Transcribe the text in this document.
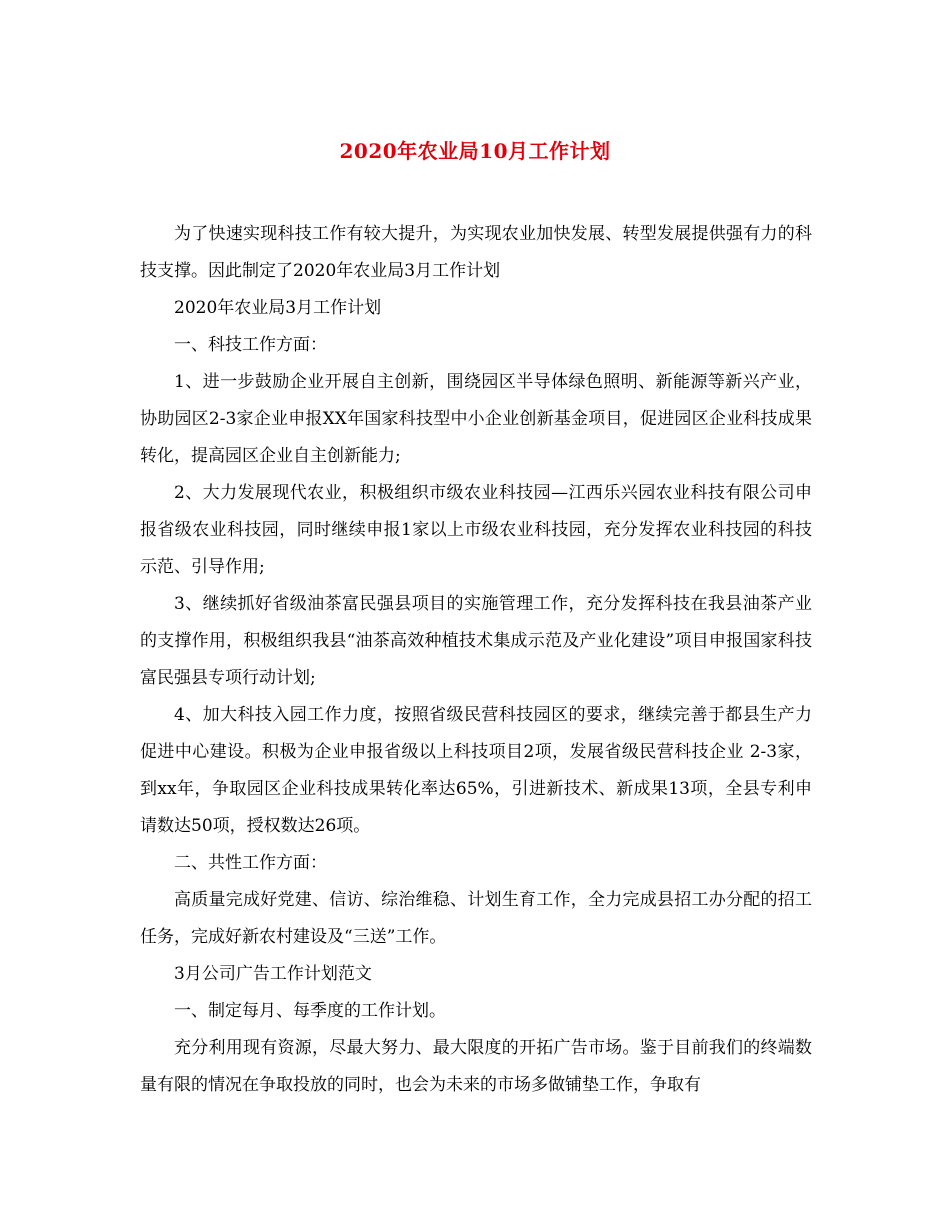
2020年农业局10月工作计划

为了快速实现科技工作有较大提升，为实现农业加快发展、转型发展提供强有力的科技支撑。因此制定了2020年农业局3月工作计划

2020年农业局3月工作计划

一、科技工作方面：

1、进一步鼓励企业开展自主创新，围绕园区半导体绿色照明、新能源等新兴产业，协助园区2-3家企业申报XX年国家科技型中小企业创新基金项目，促进园区企业科技成果转化，提高园区企业自主创新能力;

2、大力发展现代农业，积极组织市级农业科技园—江西乐兴园农业科技有限公司申报省级农业科技园，同时继续申报1家以上市级农业科技园，充分发挥农业科技园的科技示范、引导作用;

3、继续抓好省级油茶富民强县项目的实施管理工作，充分发挥科技在我县油茶产业的支撑作用，积极组织我县“油茶高效种植技术集成示范及产业化建设”项目申报国家科技富民强县专项行动计划;

4、加大科技入园工作力度，按照省级民营科技园区的要求，继续完善于都县生产力促进中心建设。积极为企业申报省级以上科技项目2项，发展省级民营科技企业 2-3家，到xx年，争取园区企业科技成果转化率达65%，引进新技术、新成果13项，全县专利申请数达50项，授权数达26项。

二、共性工作方面：

高质量完成好党建、信访、综治维稳、计划生育工作，全力完成县招工办分配的招工任务，完成好新农村建设及“三送”工作。

3月公司广告工作计划范文

一、制定每月、每季度的工作计划。

充分利用现有资源，尽最大努力、最大限度的开拓广告市场。鉴于目前我们的终端数量有限的情况在争取投放的同时，也会为未来的市场多做铺垫工作，争取有
